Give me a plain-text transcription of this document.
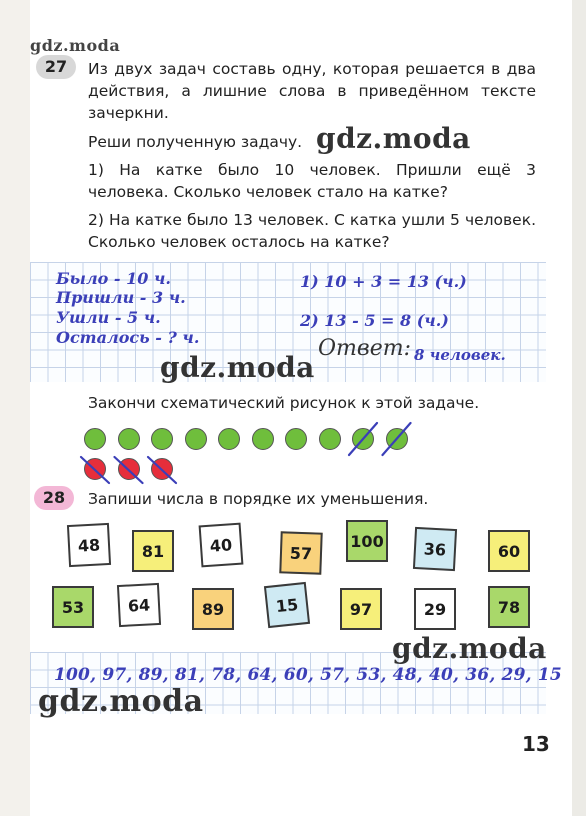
gdz.moda
27	Из двух задач составь одну, которая решается в два действия, а лишние слова в приведённом тексте зачеркни.
Реши полученную задачу. gdz.moda
1) На катке было 10 человек. Пришли ещё 3 человека. Сколько человек стало на катке?
2) На катке было 13 человек. С катка ушли 5 человек. Сколько человек осталось на катке?
Было - 10 ч.
Пришли - 3 ч.
Ушли - 5 ч.
Осталось - ? ч.
1) 10 + 3 = 13 (ч.)
2) 13 - 5 = 8 (ч.)
Ответ: 8 человек.
gdz.moda
Закончи схематический рисунок к этой задаче.
28	Запиши числа в порядке их уменьшения.
48	81	40	57
100	36	60
53	64	89	15	97	29	78
gdz.moda
100, 97, 89, 81, 78, 64, 60, 57, 53, 48, 40, 36, 29, 15
gdz.moda
13
